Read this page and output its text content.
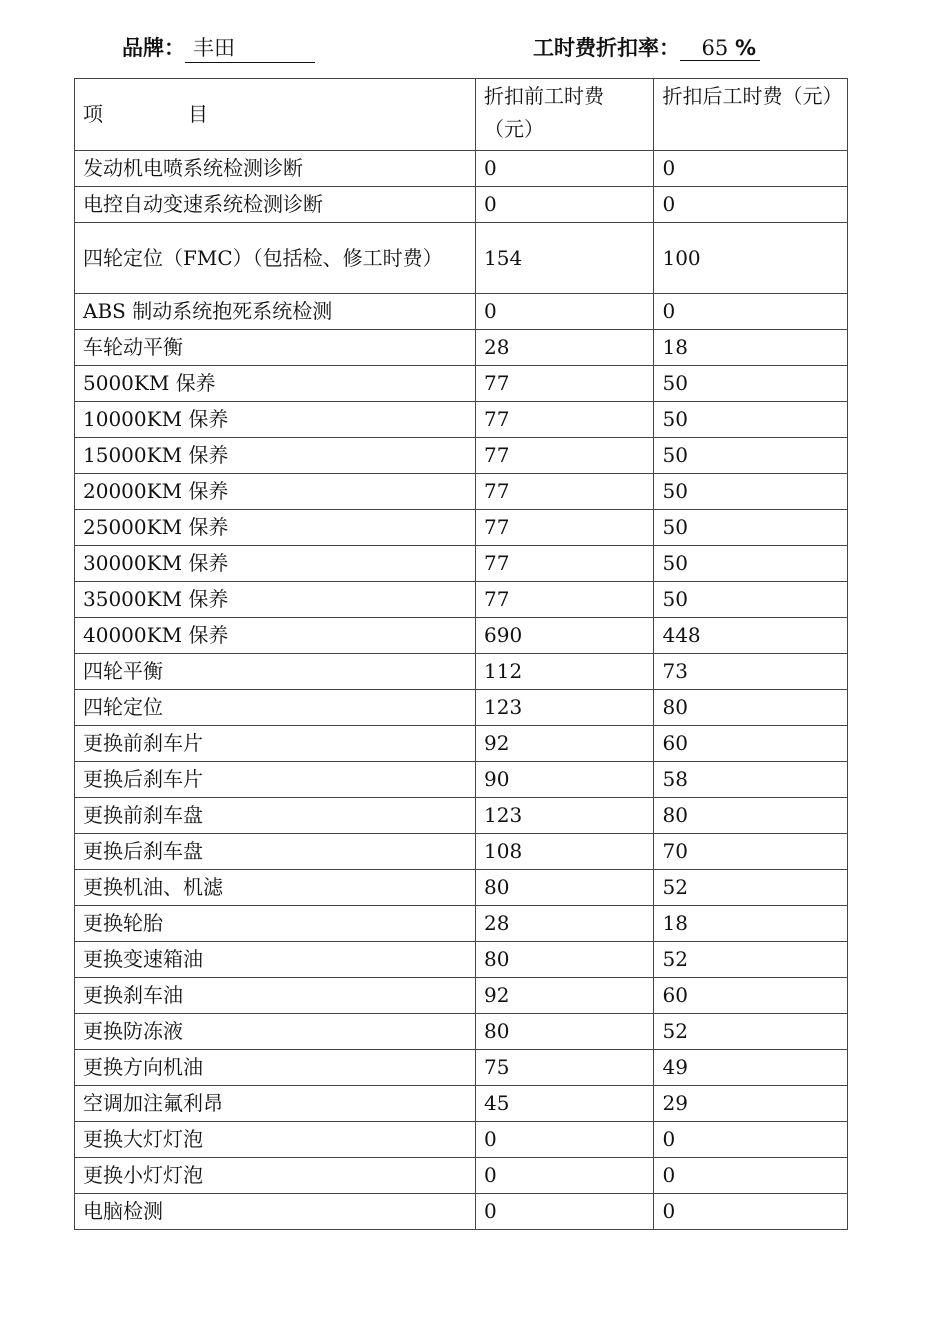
品牌： 丰田	工时费折扣率： 65 %
项　　　　目	折扣前工时费（元）	折扣后工时费（元）
发动机电喷系统检测诊断	0	0
电控自动变速系统检测诊断	0	0
四轮定位（FMC）（包括检、修工时费）	154	100
ABS 制动系统抱死系统检测	0	0
车轮动平衡	28	18
5000KM 保养	77	50
10000KM 保养	77	50
15000KM 保养	77	50
20000KM 保养	77	50
25000KM 保养	77	50
30000KM 保养	77	50
35000KM 保养	77	50
40000KM 保养	690	448
四轮平衡	112	73
四轮定位	123	80
更换前刹车片	92	60
更换后刹车片	90	58
更换前刹车盘	123	80
更换后刹车盘	108	70
更换机油、机滤	80	52
更换轮胎	28	18
更换变速箱油	80	52
更换刹车油	92	60
更换防冻液	80	52
更换方向机油	75	49
空调加注氟利昂	45	29
更换大灯灯泡	0	0
更换小灯灯泡	0	0
电脑检测	0	0
